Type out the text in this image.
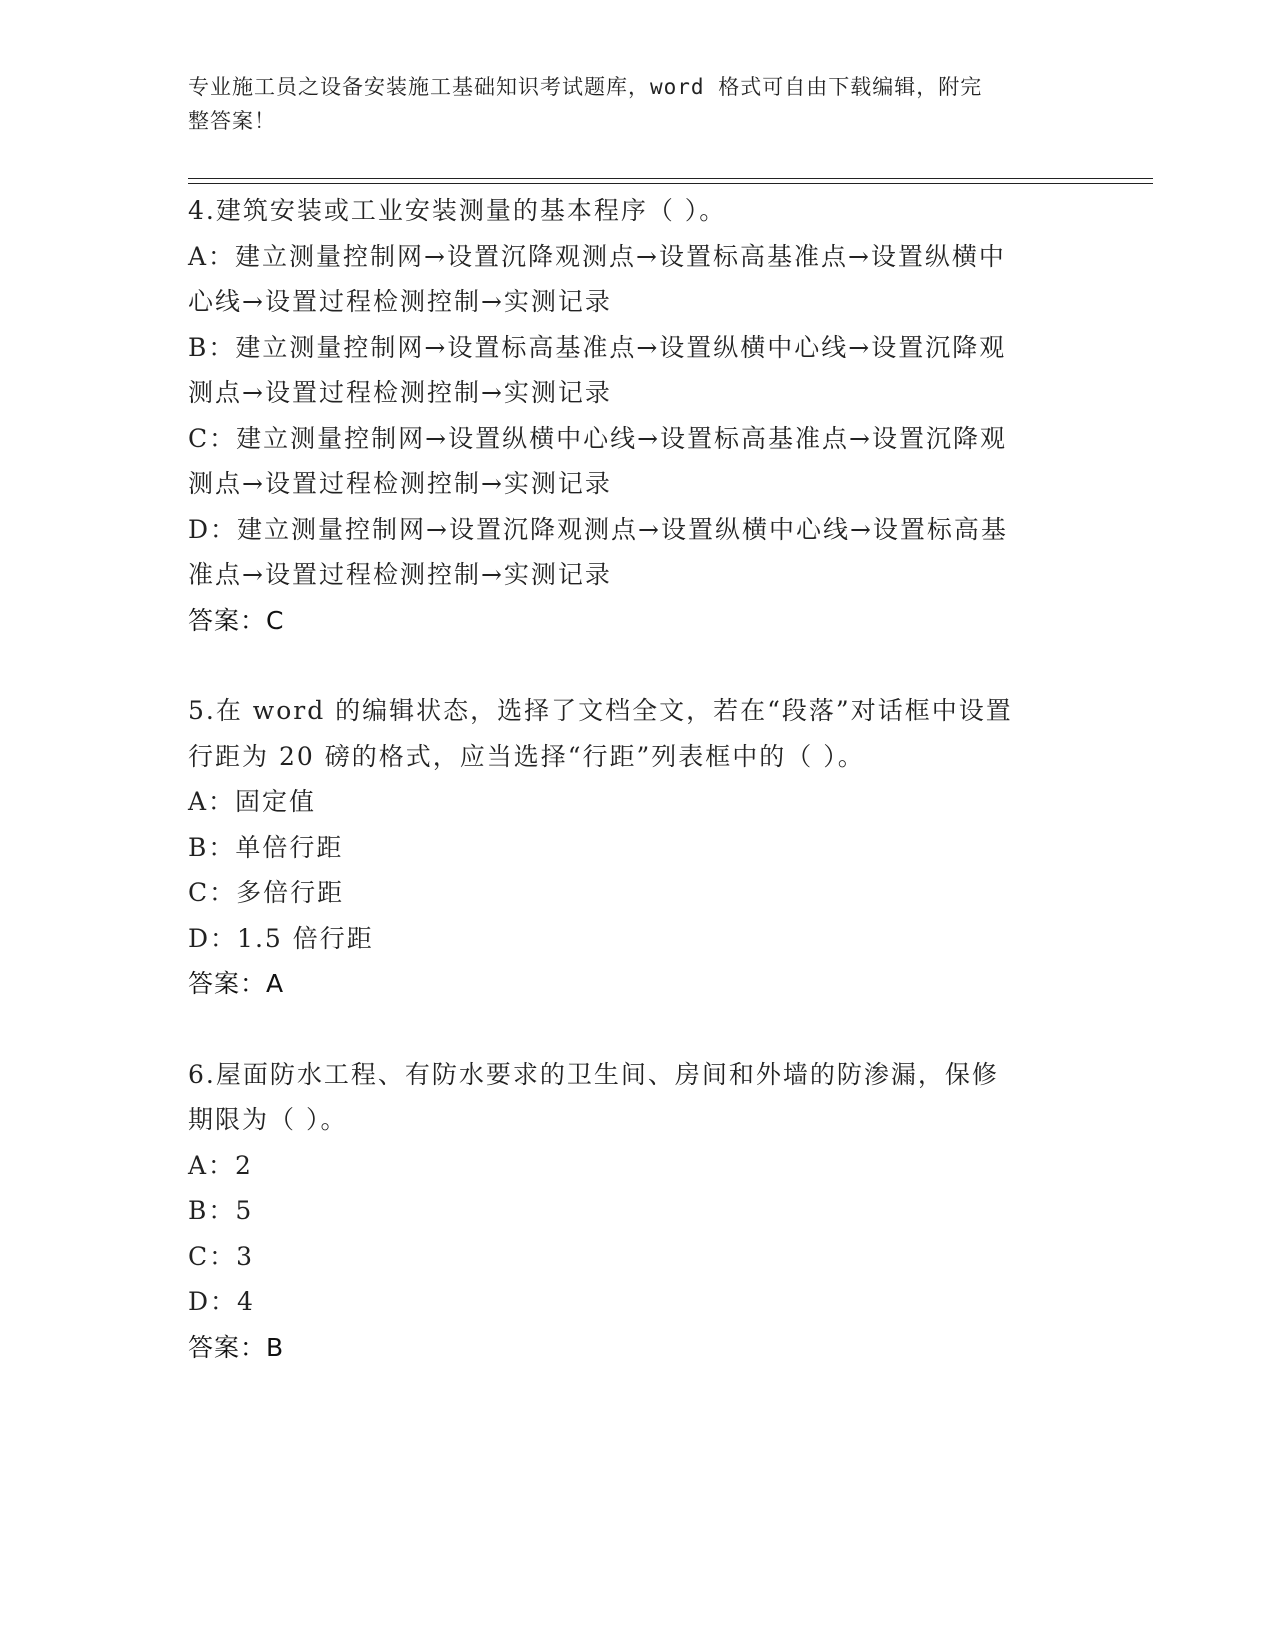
专业施工员之设备安装施工基础知识考试题库，word 格式可自由下载编辑，附完
整答案！
4.建筑安装或工业安装测量的基本程序（ ）。
A：建立测量控制网→设置沉降观测点→设置标高基准点→设置纵横中
心线→设置过程检测控制→实测记录
B：建立测量控制网→设置标高基准点→设置纵横中心线→设置沉降观
测点→设置过程检测控制→实测记录
C：建立测量控制网→设置纵横中心线→设置标高基准点→设置沉降观
测点→设置过程检测控制→实测记录
D：建立测量控制网→设置沉降观测点→设置纵横中心线→设置标高基
准点→设置过程检测控制→实测记录
答案：C
5.在 word 的编辑状态，选择了文档全文，若在“段落”对话框中设置
行距为 20 磅的格式，应当选择“行距”列表框中的（ ）。
A：固定值
B：单倍行距
C：多倍行距
D：1.5 倍行距
答案：A
6.屋面防水工程、有防水要求的卫生间、房间和外墙的防渗漏，保修
期限为（ ）。
A：2
B：5
C：3
D：4
答案：B
